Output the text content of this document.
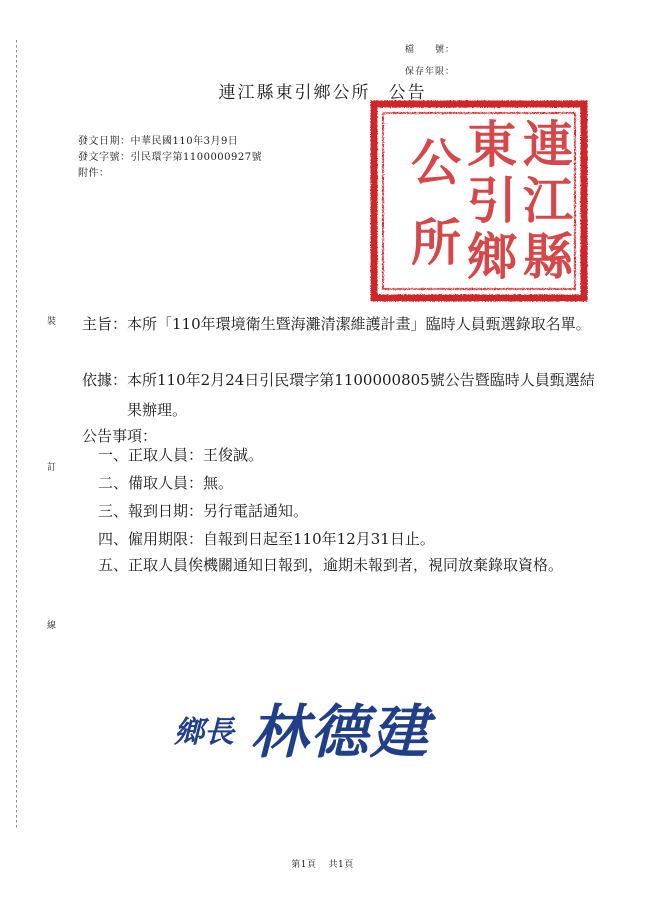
裝
訂
線
檔　　號：
保存年限：
連江縣東引鄉公所 公告
發文日期：中華民國110年3月9日
發文字號：引民環字第1100000927號
附件：	連
江
縣
東
引
鄉
公
所
主旨： 本所「110年環境衛生暨海灘清潔維護計畫」臨時人員甄選錄取名單。
依據： 本所110年2月24日引民環字第1100000805號公告暨臨時人員甄選結果辦理。
公告事項：
一、 正取人員：王俊誠。
二、 備取人員：無。
三、 報到日期：另行電話通知。
四、 僱用期限：自報到日起至110年12月31日止。
五、 正取人員俟機關通知日報到，逾期未報到者，視同放棄錄取資格。
鄉長 林德建
第1頁 共1頁
